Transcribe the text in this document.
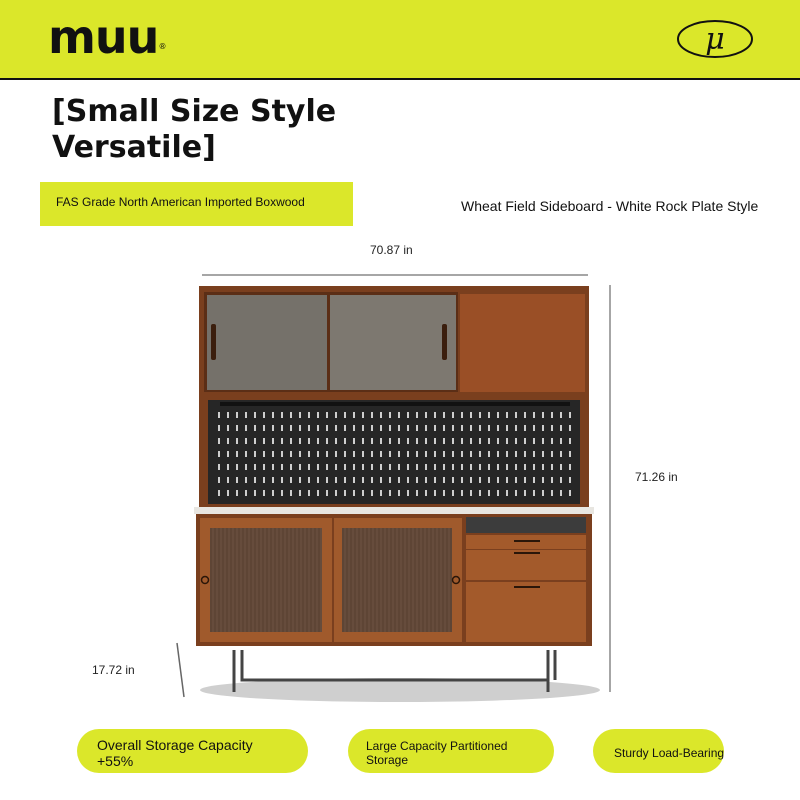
muu®	μ
[Small Size Style
Versatile]
FAS Grade North American Imported Boxwood	Wheat Field Sideboard - White Rock Plate Style
70.87 in
71.26 in
17.72 in
Overall Storage Capacity
+55%
Large Capacity Partitioned
Storage	Sturdy Load-Bearing
